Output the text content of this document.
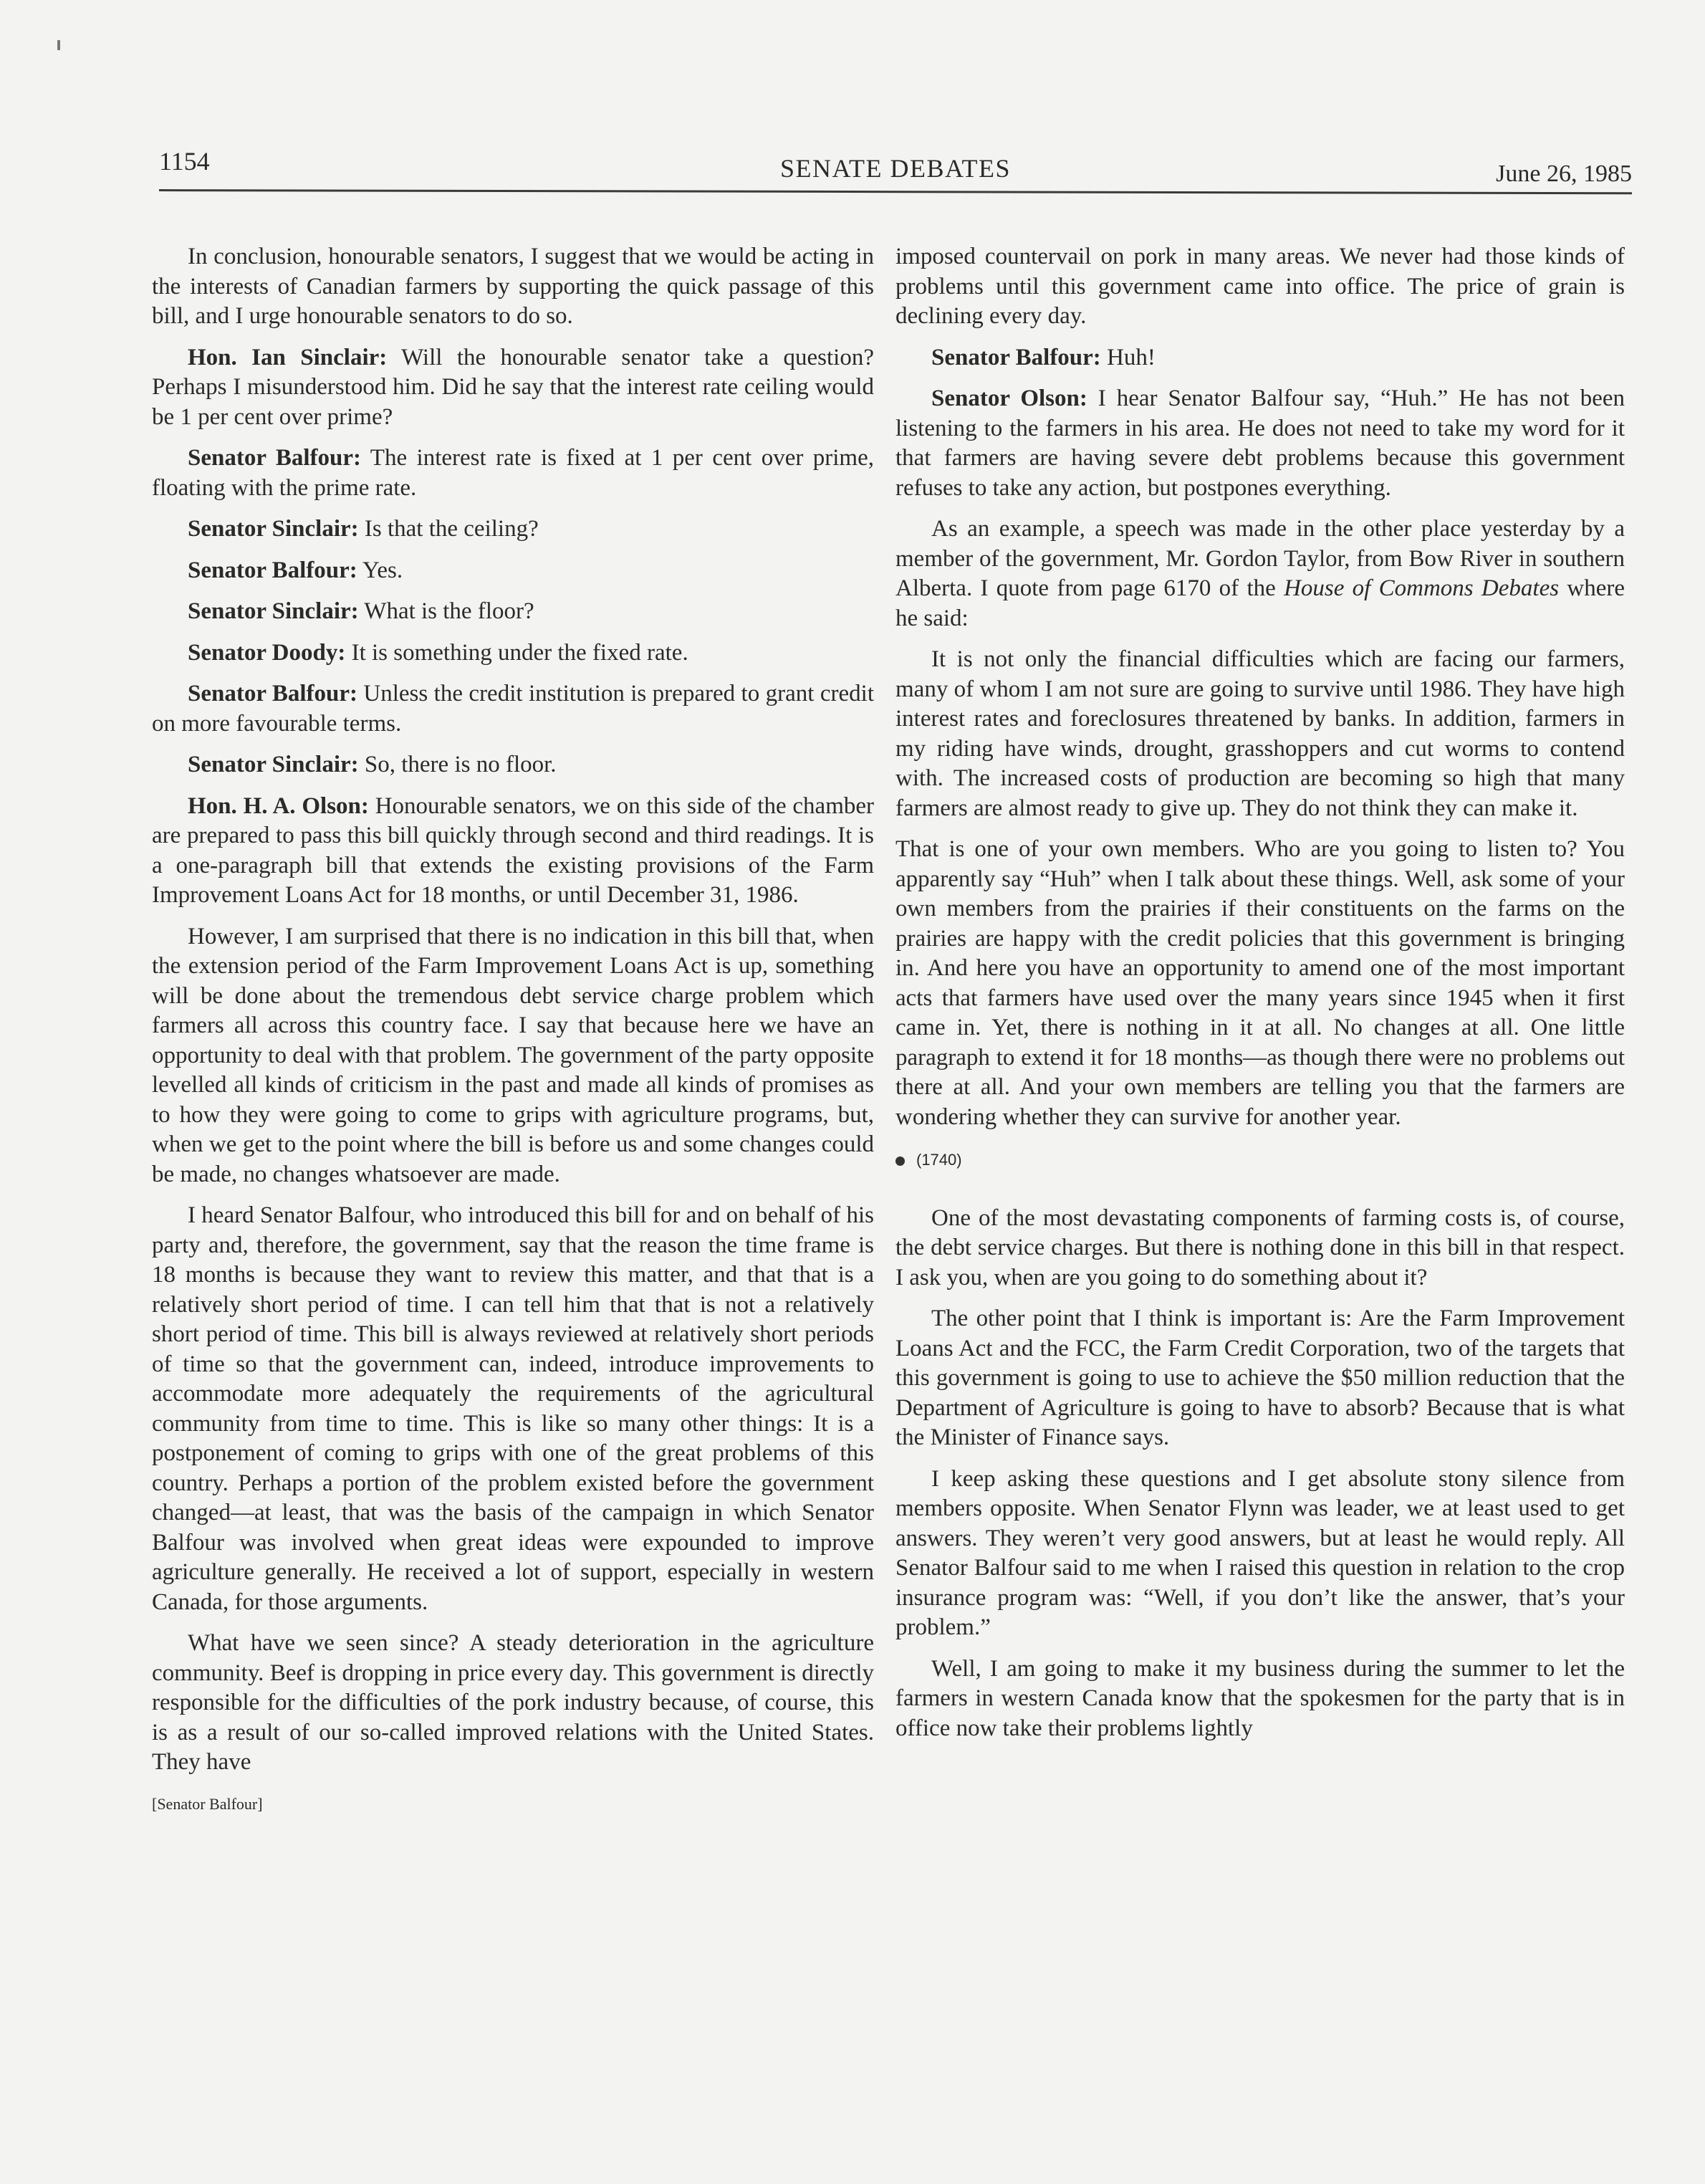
1154	SENATE DEBATES	June 26, 1985

In conclusion, honourable senators, I suggest that we would be acting in the interests of Canadian farmers by supporting the quick passage of this bill, and I urge honourable senators to do so.

Hon. Ian Sinclair: Will the honourable senator take a question? Perhaps I misunderstood him. Did he say that the interest rate ceiling would be 1 per cent over prime?

Senator Balfour: The interest rate is fixed at 1 per cent over prime, floating with the prime rate.

Senator Sinclair: Is that the ceiling?

Senator Balfour: Yes.

Senator Sinclair: What is the floor?

Senator Doody: It is something under the fixed rate.

Senator Balfour: Unless the credit institution is prepared to grant credit on more favourable terms.

Senator Sinclair: So, there is no floor.

Hon. H. A. Olson: Honourable senators, we on this side of the chamber are prepared to pass this bill quickly through second and third readings. It is a one-paragraph bill that extends the existing provisions of the Farm Improvement Loans Act for 18 months, or until December 31, 1986.

However, I am surprised that there is no indication in this bill that, when the extension period of the Farm Improvement Loans Act is up, something will be done about the tremendous debt service charge problem which farmers all across this country face. I say that because here we have an opportunity to deal with that problem. The government of the party opposite levelled all kinds of criticism in the past and made all kinds of promises as to how they were going to come to grips with agriculture programs, but, when we get to the point where the bill is before us and some changes could be made, no changes whatsoever are made.

I heard Senator Balfour, who introduced this bill for and on behalf of his party and, therefore, the government, say that the reason the time frame is 18 months is because they want to review this matter, and that that is a relatively short period of time. I can tell him that that is not a relatively short period of time. This bill is always reviewed at relatively short periods of time so that the government can, indeed, introduce improvements to accommodate more adequately the requirements of the agricultural community from time to time. This is like so many other things: It is a postponement of coming to grips with one of the great problems of this country. Perhaps a portion of the problem existed before the government changed—at least, that was the basis of the campaign in which Senator Balfour was involved when great ideas were expounded to improve agriculture generally. He received a lot of support, especially in western Canada, for those arguments.

What have we seen since? A steady deterioration in the agriculture community. Beef is dropping in price every day. This government is directly responsible for the difficulties of the pork industry because, of course, this is as a result of our so-called improved relations with the United States. They have

[Senator Balfour]

imposed countervail on pork in many areas. We never had those kinds of problems until this government came into office. The price of grain is declining every day.

Senator Balfour: Huh!

Senator Olson: I hear Senator Balfour say, “Huh.” He has not been listening to the farmers in his area. He does not need to take my word for it that farmers are having severe debt problems because this government refuses to take any action, but postpones everything.

As an example, a speech was made in the other place yesterday by a member of the government, Mr. Gordon Taylor, from Bow River in southern Alberta. I quote from page 6170 of the House of Commons Debates where he said:

It is not only the financial difficulties which are facing our farmers, many of whom I am not sure are going to survive until 1986. They have high interest rates and foreclosures threatened by banks. In addition, farmers in my riding have winds, drought, grasshoppers and cut worms to contend with. The increased costs of production are becoming so high that many farmers are almost ready to give up. They do not think they can make it.

That is one of your own members. Who are you going to listen to? You apparently say “Huh” when I talk about these things. Well, ask some of your own members from the prairies if their constituents on the farms on the prairies are happy with the credit policies that this government is bringing in. And here you have an opportunity to amend one of the most important acts that farmers have used over the many years since 1945 when it first came in. Yet, there is nothing in it at all. No changes at all. One little paragraph to extend it for 18 months—as though there were no problems out there at all. And your own members are telling you that the farmers are wondering whether they can survive for another year.

(1740)

One of the most devastating components of farming costs is, of course, the debt service charges. But there is nothing done in this bill in that respect. I ask you, when are you going to do something about it?

The other point that I think is important is: Are the Farm Improvement Loans Act and the FCC, the Farm Credit Corporation, two of the targets that this government is going to use to achieve the $50 million reduction that the Department of Agriculture is going to have to absorb? Because that is what the Minister of Finance says.

I keep asking these questions and I get absolute stony silence from members opposite. When Senator Flynn was leader, we at least used to get answers. They weren’t very good answers, but at least he would reply. All Senator Balfour said to me when I raised this question in relation to the crop insurance program was: “Well, if you don’t like the answer, that’s your problem.”

Well, I am going to make it my business during the summer to let the farmers in western Canada know that the spokesmen for the party that is in office now take their problems lightly
